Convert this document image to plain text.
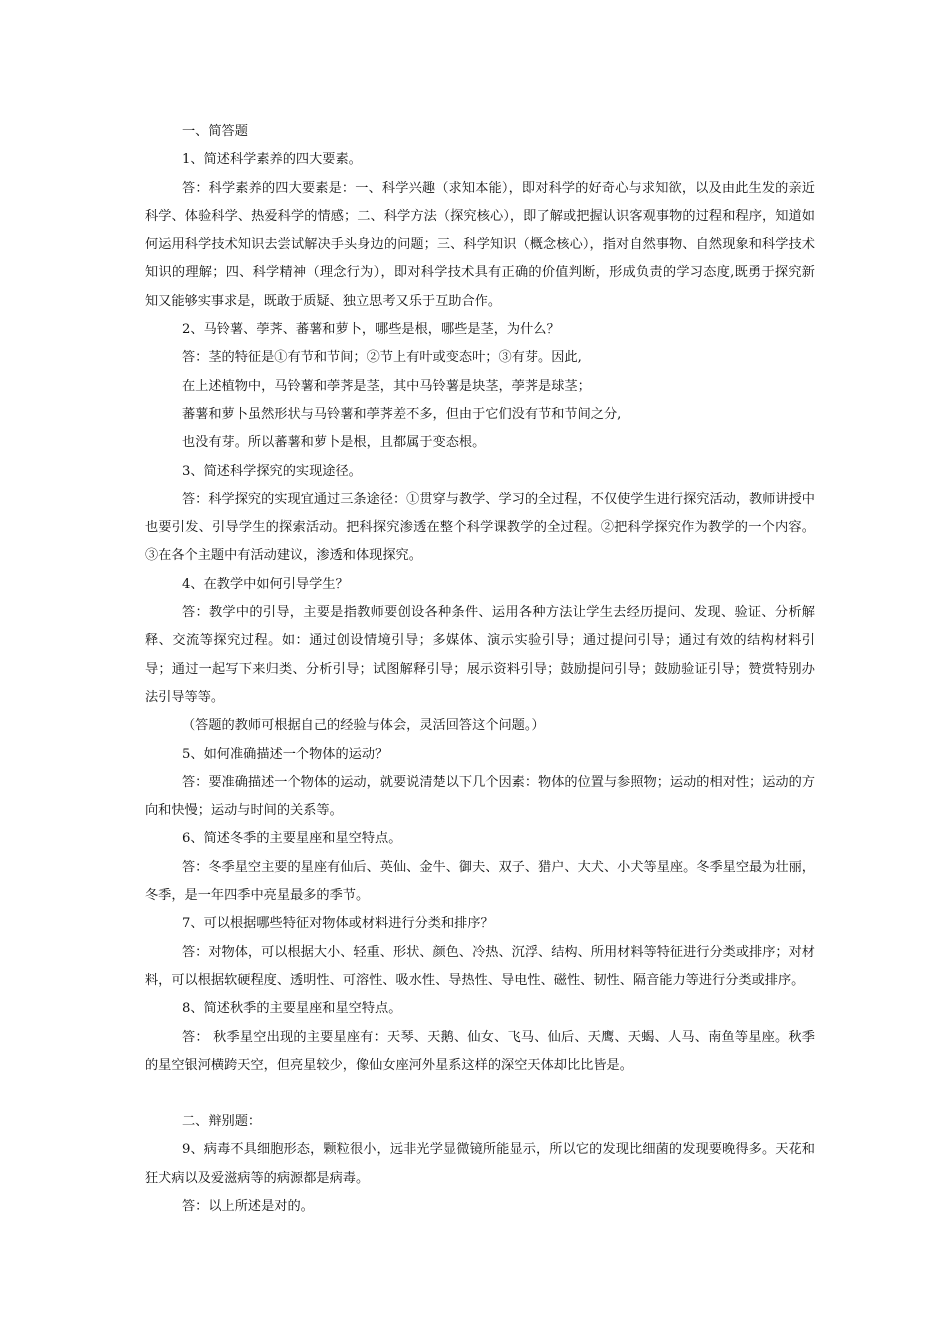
一、简答题

1、简述科学素养的四大要素。

答：科学素养的四大要素是：一、科学兴趣（求知本能），即对科学的好奇心与求知欲，以及由此生发的亲近科学、体验科学、热爱科学的情感；二、科学方法（探究核心），即了解或把握认识客观事物的过程和程序，知道如何运用科学技术知识去尝试解决手头身边的问题；三、科学知识（概念核心），指对自然事物、自然现象和科学技术知识的理解；四、科学精神（理念行为），即对科学技术具有正确的价值判断，形成负责的学习态度,既勇于探究新知又能够实事求是，既敢于质疑、独立思考又乐于互助合作。

2、马铃薯、荸荠、蕃薯和萝卜，哪些是根，哪些是茎，为什么？

答：茎的特征是①有节和节间；②节上有叶或变态叶；③有芽。因此,

在上述植物中，马铃薯和荸荠是茎，其中马铃薯是块茎，荸荠是球茎；

蕃薯和萝卜虽然形状与马铃薯和荸荠差不多，但由于它们没有节和节间之分,

也没有芽。所以蕃薯和萝卜是根，且都属于变态根。

3、简述科学探究的实现途径。

答：科学探究的实现宜通过三条途径：①贯穿与教学、学习的全过程，不仅使学生进行探究活动，教师讲授中也要引发、引导学生的探索活动。把科探究渗透在整个科学课教学的全过程。②把科学探究作为教学的一个内容。③在各个主题中有活动建议，渗透和体现探究。

4、在教学中如何引导学生？

答：教学中的引导，主要是指教师要创设各种条件、运用各种方法让学生去经历提问、发现、验证、分析解释、交流等探究过程。如：通过创设情境引导；多媒体、演示实验引导；通过提问引导；通过有效的结构材料引导；通过一起写下来归类、分析引导；试图解释引导；展示资料引导；鼓励提问引导；鼓励验证引导；赞赏特别办法引导等等。

（答题的教师可根据自己的经验与体会，灵活回答这个问题。）

5、如何准确描述一个物体的运动？

答：要准确描述一个物体的运动，就要说清楚以下几个因素：物体的位置与参照物；运动的相对性；运动的方向和快慢；运动与时间的关系等。

6、简述冬季的主要星座和星空特点。

答：冬季星空主要的星座有仙后、英仙、金牛、御夫、双子、猎户、大犬、小犬等星座。冬季星空最为壮丽，冬季，是一年四季中亮星最多的季节。

7、可以根据哪些特征对物体或材料进行分类和排序？

答：对物体，可以根据大小、轻重、形状、颜色、冷热、沉浮、结构、所用材料等特征进行分类或排序；对材料，可以根据软硬程度、透明性、可溶性、吸水性、导热性、导电性、磁性、韧性、隔音能力等进行分类或排序。

8、简述秋季的主要星座和星空特点。

答： 秋季星空出现的主要星座有：天琴、天鹅、仙女、飞马、仙后、天鹰、天蝎、人马、南鱼等星座。秋季的星空银河横跨天空，但亮星较少，像仙女座河外星系这样的深空天体却比比皆是。

二、辩别题：

9、病毒不具细胞形态，颗粒很小，远非光学显微镜所能显示，所以它的发现比细菌的发现要晚得多。天花和狂犬病以及爱滋病等的病源都是病毒。

答：以上所述是对的。
